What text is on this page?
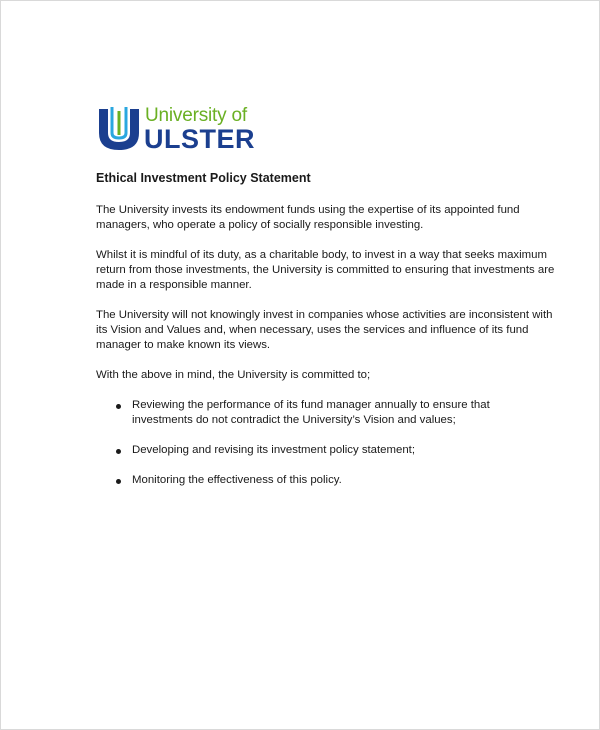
University of
ULSTER
Ethical Investment Policy Statement

The University invests its endowment funds using the expertise of its appointed fund managers, who operate a policy of socially responsible investing.

Whilst it is mindful of its duty, as a charitable body, to invest in a way that seeks maximum return from those investments, the University is committed to ensuring that investments are made in a responsible manner.

The University will not knowingly invest in companies whose activities are inconsistent with its Vision and Values and, when necessary, uses the services and influence of its fund manager to make known its views.

With the above in mind, the University is committed to;

Reviewing the performance of its fund manager annually to ensure that investments do not contradict the University’s Vision and values;
Developing and revising its investment policy statement;
Monitoring the effectiveness of this policy.
